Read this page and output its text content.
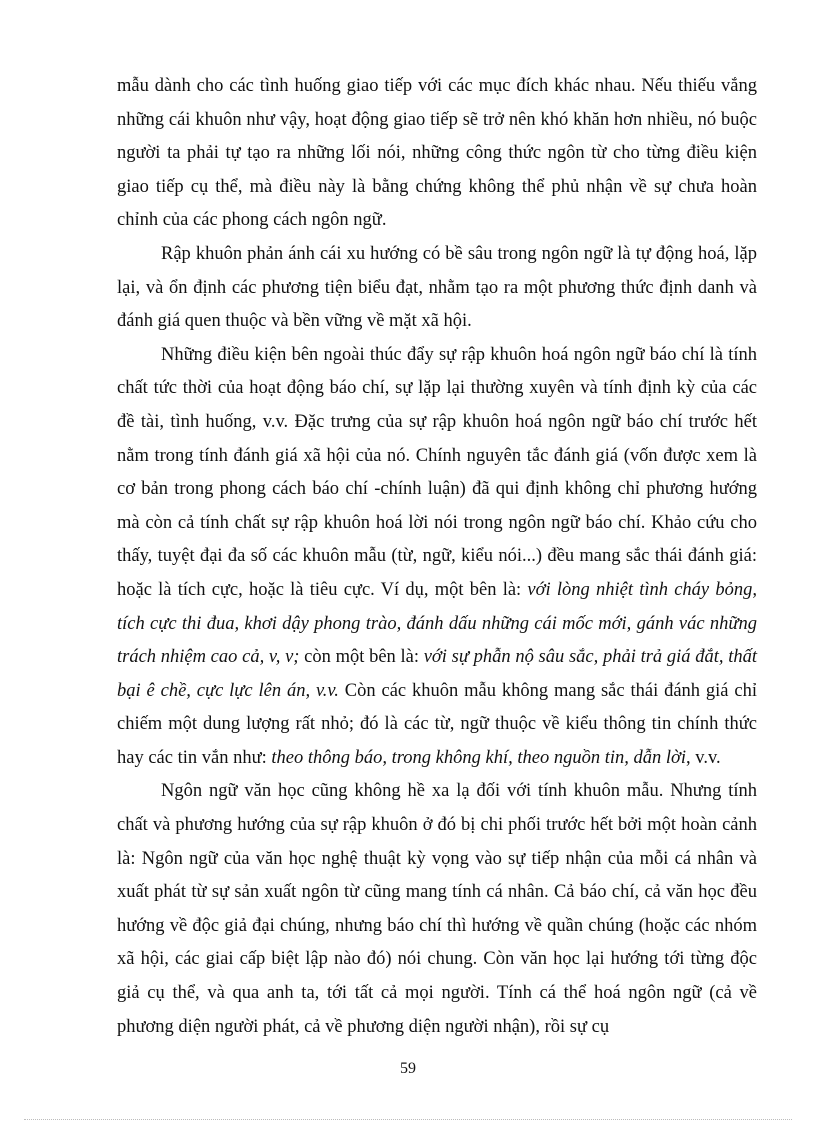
mẫu dành cho các tình huống giao tiếp với các mục đích khác nhau. Nếu thiếu vắng những cái khuôn như vậy, hoạt động giao tiếp sẽ trở nên khó khăn hơn nhiều, nó buộc người ta phải tự tạo ra những lối nói, những công thức ngôn từ cho từng điều kiện giao tiếp cụ thể, mà điều này là bằng chứng không thể phủ nhận về sự chưa hoàn chỉnh của các phong cách ngôn ngữ.

Rập khuôn phản ánh cái xu hướng có bề sâu trong ngôn ngữ là tự động hoá, lặp lại, và ổn định các phương tiện biểu đạt, nhằm tạo ra một phương thức định danh và đánh giá quen thuộc và bền vững về mặt xã hội.

Những điều kiện bên ngoài thúc đẩy sự rập khuôn hoá ngôn ngữ báo chí là tính chất tức thời của hoạt động báo chí, sự lặp lại thường xuyên và tính định kỳ của các đề tài, tình huống, v.v. Đặc trưng của sự rập khuôn hoá ngôn ngữ báo chí trước hết nằm trong tính đánh giá xã hội của nó. Chính nguyên tắc đánh giá (vốn được xem là cơ bản trong phong cách báo chí -chính luận) đã qui định không chỉ phương hướng mà còn cả tính chất sự rập khuôn hoá lời nói trong ngôn ngữ báo chí. Khảo cứu cho thấy, tuyệt đại đa số các khuôn mẫu (từ, ngữ, kiểu nói...) đều mang sắc thái đánh giá: hoặc là tích cực, hoặc là tiêu cực. Ví dụ, một bên là: với lòng nhiệt tình cháy bỏng, tích cực thi đua, khơi dậy phong trào, đánh dấu những cái mốc mới, gánh vác những trách nhiệm cao cả, v, v; còn một bên là: với sự phẫn nộ sâu sắc, phải trả giá đắt, thất bại ê chề, cực lực lên án, v.v. Còn các khuôn mẫu không mang sắc thái đánh giá chỉ chiếm một dung lượng rất nhỏ; đó là các từ, ngữ thuộc về kiểu thông tin chính thức hay các tin vắn như: theo thông báo, trong không khí, theo nguồn tin, dẫn lời, v.v.

Ngôn ngữ văn học cũng không hề xa lạ đối với tính khuôn mẫu. Nhưng tính chất và phương hướng của sự rập khuôn ở đó bị chi phối trước hết bởi một hoàn cảnh là: Ngôn ngữ của văn học nghệ thuật kỳ vọng vào sự tiếp nhận của mỗi cá nhân và xuất phát từ sự sản xuất ngôn từ cũng mang tính cá nhân. Cả báo chí, cả văn học đều hướng về độc giả đại chúng, nhưng báo chí thì hướng về quần chúng (hoặc các nhóm xã hội, các giai cấp biệt lập nào đó) nói chung. Còn văn học lại hướng tới từng độc giả cụ thể, và qua anh ta, tới tất cả mọi người. Tính cá thể hoá ngôn ngữ (cả về phương diện người phát, cả về phương diện người nhận), rồi sự cụ

59
